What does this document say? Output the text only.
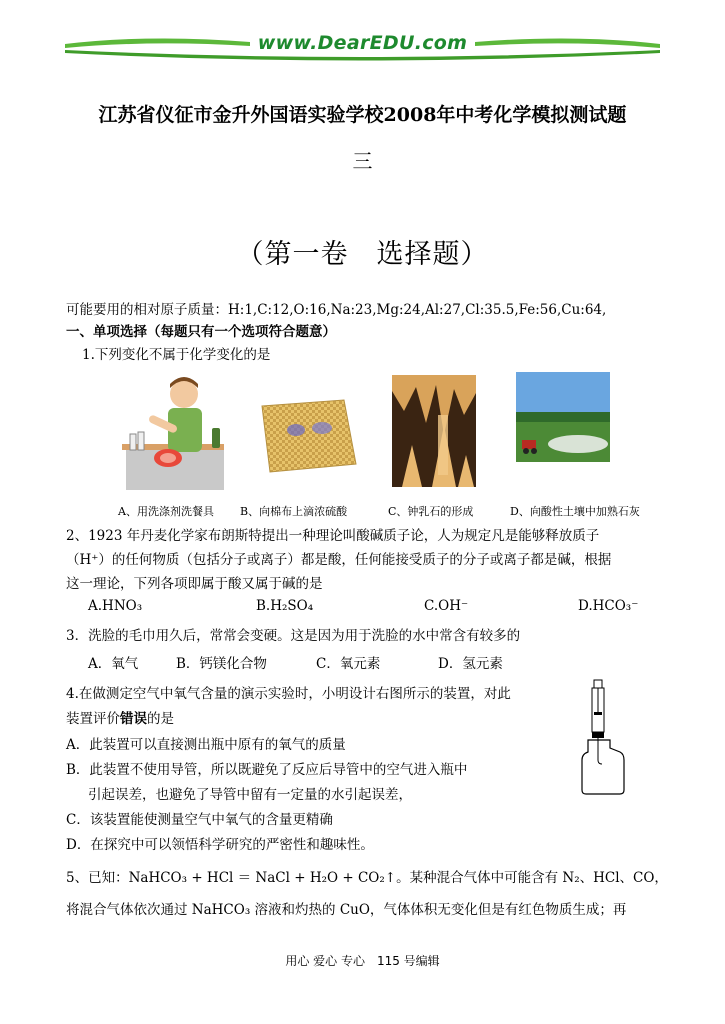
www.DearEDU.com
江苏省仪征市金升外国语实验学校2008年中考化学模拟测试题
三
（第一卷　选择题）
可能要用的相对原子质量：H:1,C:12,O:16,Na:23,Mg:24,Al:27,Cl:35.5,Fe:56,Cu:64,
一、单项选择（每题只有一个选项符合题意）
1.下列变化不属于化学变化的是
A、用洗涤剂洗餐具 B、向棉布上滴浓硫酸	C、钟乳石的形成	D、向酸性土壤中加熟石灰
2、1923 年丹麦化学家布朗斯特提出一种理论叫酸碱质子论，人为规定凡是能够释放质子
（H⁺）的任何物质（包括分子或离子）都是酸，任何能接受质子的分子或离子都是碱，根据
这一理论，下列各项即属于酸又属于碱的是
A.HNO₃	B.H₂SO₄	C.OH⁻	D.HCO₃⁻
3．洗脸的毛巾用久后，常常会变硬。这是因为用于洗脸的水中常含有较多的
A．氧气	B．钙镁化合物	C．氧元素	D．氢元素
4.在做测定空气中氧气含量的演示实验时，小明设计右图所示的装置，对此
装置评价错误的是
A．此装置可以直接测出瓶中原有的氧气的质量
B．此装置不使用导管，所以既避免了反应后导管中的空气进入瓶中
引起误差，也避免了导管中留有一定量的水引起误差，
C．该装置能使测量空气中氧气的含量更精确
D．在探究中可以领悟科学研究的严密性和趣味性。
5、已知：NaHCO₃ + HCl ＝ NaCl + H₂O + CO₂↑。某种混合气体中可能含有 N₂、HCl、CO，
将混合气体依次通过 NaHCO₃ 溶液和灼热的 CuO，气体体积无变化但是有红色物质生成；再
用心 爱心 专心　115 号编辑
